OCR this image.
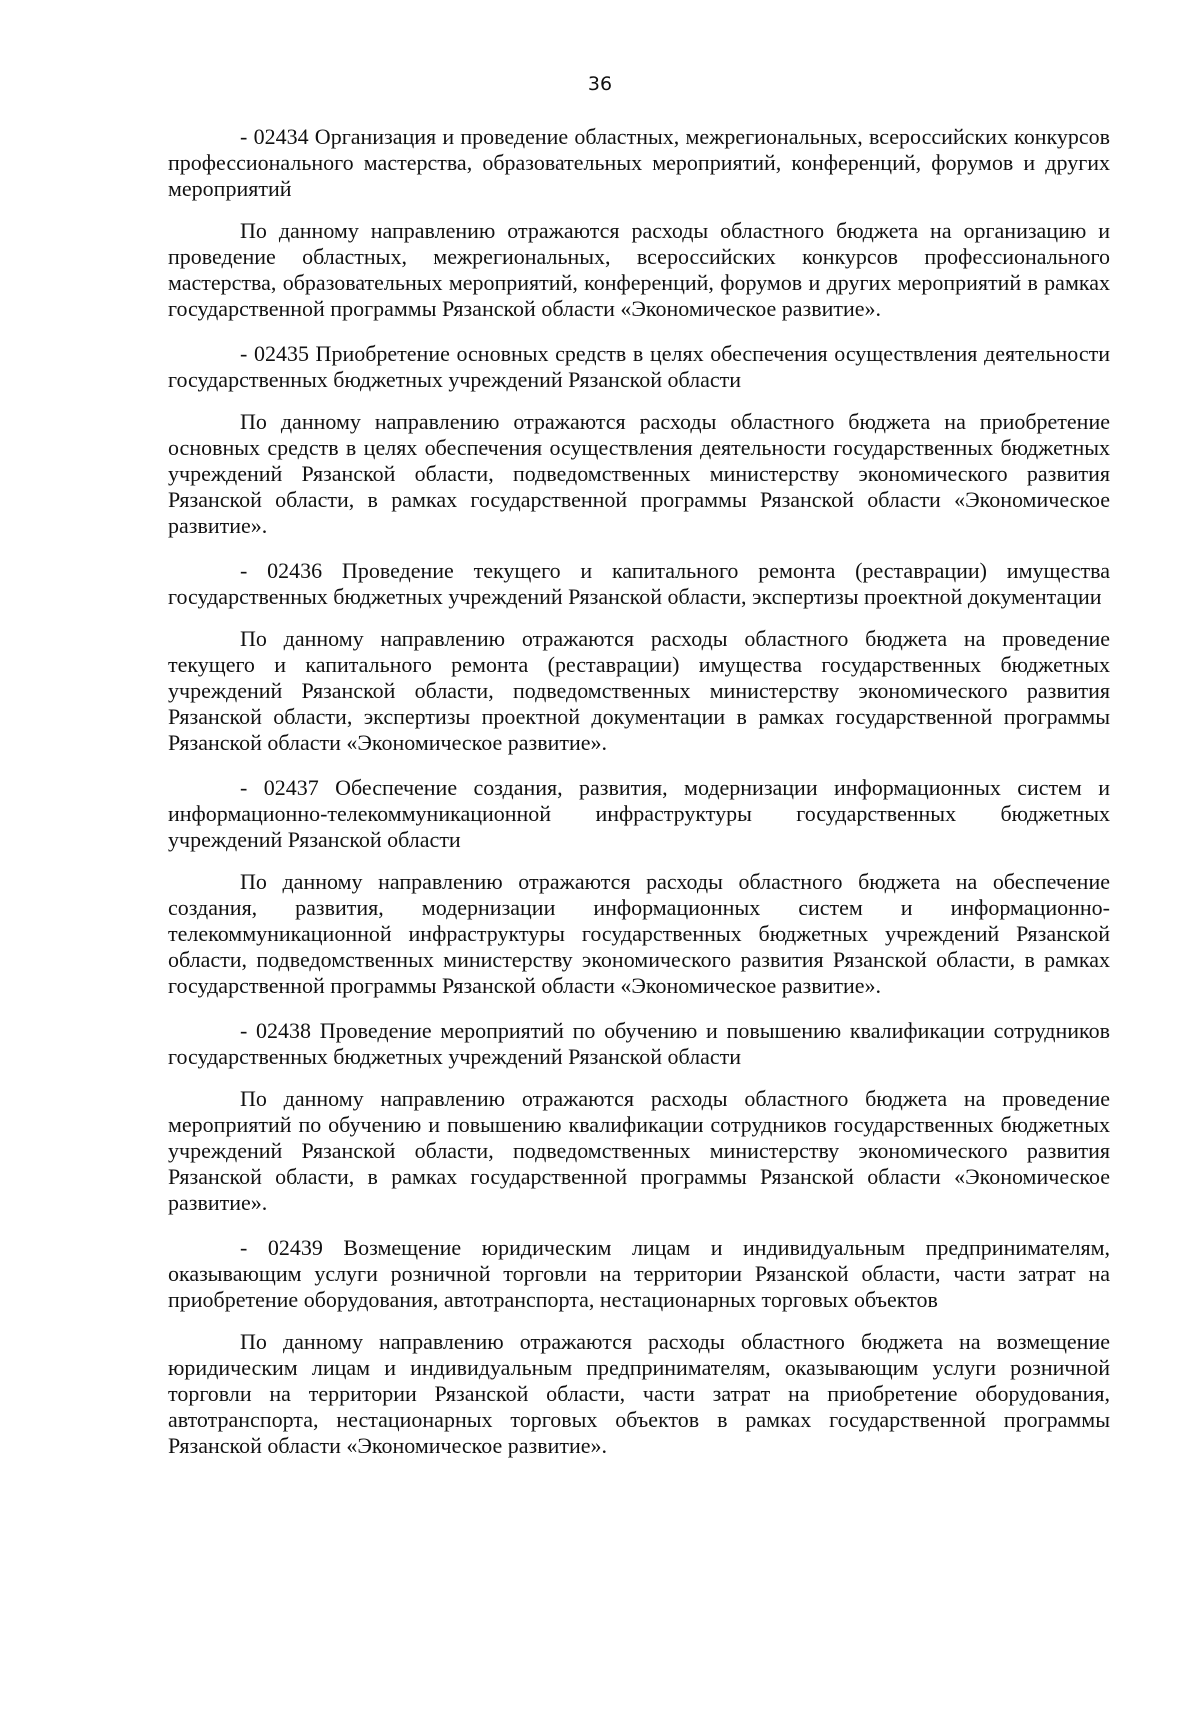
36

- 02434 Организация и проведение областных, межрегиональных, всероссийских конкурсов профессионального мастерства, образовательных мероприятий, конференций, форумов и других мероприятий

По данному направлению отражаются расходы областного бюджета на организацию и проведение областных, межрегиональных, всероссийских конкурсов профессионального мастерства, образовательных мероприятий, конференций, форумов и других мероприятий в рамках государственной программы Рязанской области «Экономическое развитие».

- 02435 Приобретение основных средств в целях обеспечения осуществления деятельности государственных бюджетных учреждений Рязанской области

По данному направлению отражаются расходы областного бюджета на приобретение основных средств в целях обеспечения осуществления деятельности государственных бюджетных учреждений Рязанской области, подведомственных министерству экономического развития Рязанской области, в рамках государственной программы Рязанской области «Экономическое развитие».

- 02436 Проведение текущего и капитального ремонта (реставрации) имущества государственных бюджетных учреждений Рязанской области, экспертизы проектной документации

По данному направлению отражаются расходы областного бюджета на проведение текущего и капитального ремонта (реставрации) имущества государственных бюджетных учреждений Рязанской области, подведомственных министерству экономического развития Рязанской области, экспертизы проектной документации в рамках государственной программы Рязанской области «Экономическое развитие».

- 02437 Обеспечение создания, развития, модернизации информационных систем и информационно-телекоммуникационной инфраструктуры государственных бюджетных учреждений Рязанской области

По данному направлению отражаются расходы областного бюджета на обеспечение создания, развития, модернизации информационных систем и информационно-телекоммуникационной инфраструктуры государственных бюджетных учреждений Рязанской области, подведомственных министерству экономического развития Рязанской области, в рамках государственной программы Рязанской области «Экономическое развитие».

- 02438 Проведение мероприятий по обучению и повышению квалификации сотрудников государственных бюджетных учреждений Рязанской области

По данному направлению отражаются расходы областного бюджета на проведение мероприятий по обучению и повышению квалификации сотрудников государственных бюджетных учреждений Рязанской области, подведомственных министерству экономического развития Рязанской области, в рамках государственной программы Рязанской области «Экономическое развитие».

- 02439 Возмещение юридическим лицам и индивидуальным предпринимателям, оказывающим услуги розничной торговли на территории Рязанской области, части затрат на приобретение оборудования, автотранспорта, нестационарных торговых объектов

По данному направлению отражаются расходы областного бюджета на возмещение юридическим лицам и индивидуальным предпринимателям, оказывающим услуги розничной торговли на территории Рязанской области, части затрат на приобретение оборудования, автотранспорта, нестационарных торговых объектов в рамках государственной программы Рязанской области «Экономическое развитие».
